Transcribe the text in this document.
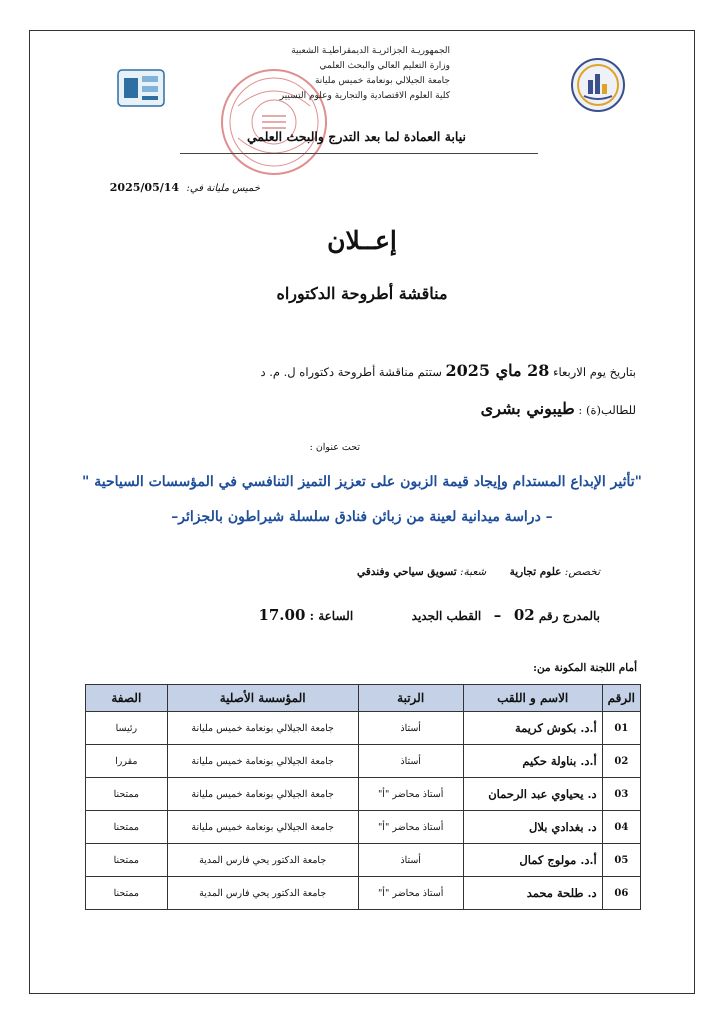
الجمهوريـة الجزائريـة الديمقراطيـة الشعبية
وزارة التعليم العالي والبحث العلمي
جامعة الجيلالي بونعامة خميس مليانة
كلية العلوم الاقتصادية والتجارية وعلوم التسيير
نيابة العمادة لما بعد التدرج والبحث العلمي
خميس مليانة في: 2025/05/14
إعــلان
مناقشة أطروحة الدكتوراه
بتاريخ يوم الاربعاء 28 ماي 2025 ستتم مناقشة أطروحة دكتوراه ل. م. د
للطالب(ة) : طيبوني بشرى
تحت عنوان :
"تأثير الإبداع المستدام وإيجاد قيمة الزبون على تعزيز التميز التنافسي في المؤسسات السياحية "
– دراسة ميدانية لعينة من زبائن فنادق سلسلة شيراطون بالجزائر–
تخصص: علوم تجارية       شعبة: تسويق سياحي وفندقي
بالمدرج رقم 02   –   القطب الجديد              الساعة : 17.00
أمام اللجنة المكونة من:
الرقم	الاسم و اللقب	الرتبة	المؤسسة الأصلية	الصفة
01	أ.د. بكوش كريمة	أستاذ	جامعة الجيلالي بونعامة خميس مليانة	رئيسا
02	أ.د. بناولة حكيم	أستاذ	جامعة الجيلالي بونعامة خميس مليانة	مقررا
03	د. يحياوي عبد الرحمان	أستاذ محاضر "أ"	جامعة الجيلالي بونعامة خميس مليانة	ممتحنا
04	د. بغدادي بلال	أستاذ محاضر "أ"	جامعة الجيلالي بونعامة خميس مليانة	ممتحنا
05	أ.د. مولوج كمال	أستاذ	جامعة الدكتور يحي فارس المدية	ممتحنا
06	د. طلحة محمد	أستاذ محاضر "أ"	جامعة الدكتور يحي فارس المدية	ممتحنا
